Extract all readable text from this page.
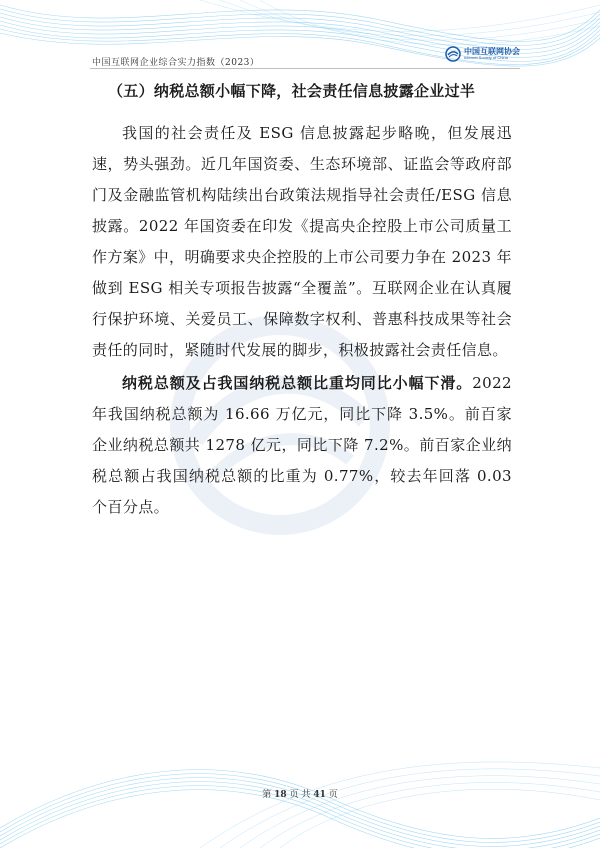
中国互联网企业综合实力指数（2023）
中国互联网协会
Internet Society of China
（五）纳税总额小幅下降，社会责任信息披露企业过半

我国的社会责任及 ESG 信息披露起步略晚，但发展迅速，势头强劲。近几年国资委、生态环境部、证监会等政府部门及金融监管机构陆续出台政策法规指导社会责任/ESG 信息披露。2022 年国资委在印发《提高央企控股上市公司质量工作方案》中，明确要求央企控股的上市公司要力争在 2023 年做到 ESG 相关专项报告披露“全覆盖”。互联网企业在认真履行保护环境、关爱员工、保障数字权利、普惠科技成果等社会责任的同时，紧随时代发展的脚步，积极披露社会责任信息。

纳税总额及占我国纳税总额比重均同比小幅下滑。2022 年我国纳税总额为 16.66 万亿元，同比下降 3.5%。前百家企业纳税总额共 1278 亿元，同比下降 7.2%。前百家企业纳税总额占我国纳税总额的比重为 0.77%，较去年回落 0.03 个百分点。

第 18 页 共 41 页
